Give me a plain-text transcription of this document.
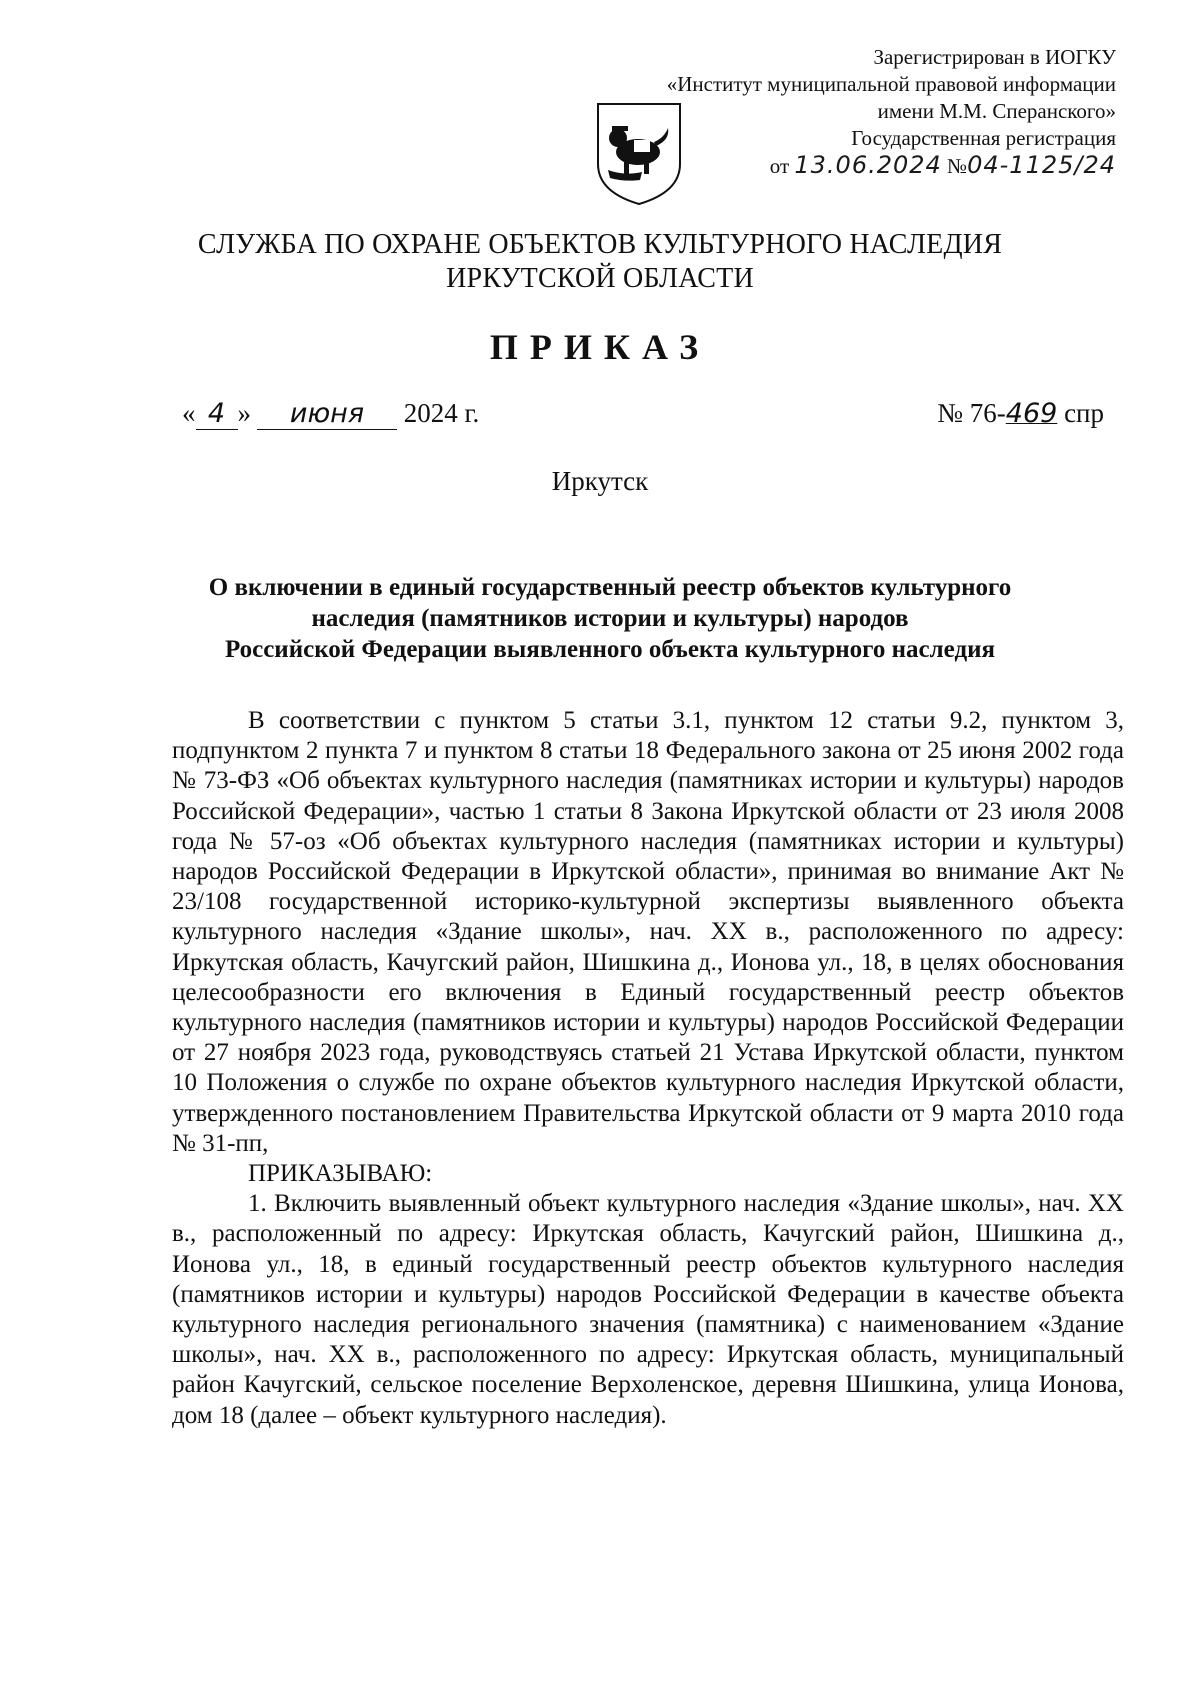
Зарегистрирован в ИОГКУ
«Институт муниципальной правовой информации
имени М.М. Сперанского»
Государственная регистрация
от 13.06.2024 №04-1125/24
СЛУЖБА ПО ОХРАНЕ ОБЪЕКТОВ КУЛЬТУРНОГО НАСЛЕДИЯ
ИРКУТСКОЙ ОБЛАСТИ
ПРИКАЗ
« 4 » июня 2024 г.	№ 76-469 спр
Иркутск
О включении в единый государственный реестр объектов культурного
наследия (памятников истории и культуры) народов
Российской Федерации выявленного объекта культурного наследия

В соответствии с пунктом 5 статьи 3.1, пунктом 12 статьи 9.2, пунктом 3, подпунктом 2 пункта 7 и пунктом 8 статьи 18 Федерального закона от 25 июня 2002 года № 73-ФЗ «Об объектах культурного наследия (памятниках истории и культуры) народов Российской Федерации», частью 1 статьи 8 Закона Иркутской области от 23 июля 2008 года № 57-оз «Об объектах культурного наследия (памятниках истории и культуры) народов Российской Федерации в Иркутской области», принимая во внимание Акт № 23/108 государственной историко-культурной экспертизы выявленного объекта культурного наследия «Здание школы», нач. XX в., расположенного по адресу: Иркутская область, Качугский район, Шишкина д., Ионова ул., 18, в целях обоснования целесообразности его включения в Единый государственный реестр объектов культурного наследия (памятников истории и культуры) народов Российской Федерации от 27 ноября 2023 года, руководствуясь статьей 21 Устава Иркутской области, пунктом 10 Положения о службе по охране объектов культурного наследия Иркутской области, утвержденного постановлением Правительства Иркутской области от 9 марта 2010 года № 31-пп,

ПРИКАЗЫВАЮ:

1. Включить выявленный объект культурного наследия «Здание школы», нач. XX в., расположенный по адресу: Иркутская область, Качугский район, Шишкина д., Ионова ул., 18, в единый государственный реестр объектов культурного наследия (памятников истории и культуры) народов Российской Федерации в качестве объекта культурного наследия регионального значения (памятника) с наименованием «Здание школы», нач. XX в., расположенного по адресу: Иркутская область, муниципальный район Качугский, сельское поселение Верхоленское, деревня Шишкина, улица Ионова, дом 18 (далее – объект культурного наследия).
